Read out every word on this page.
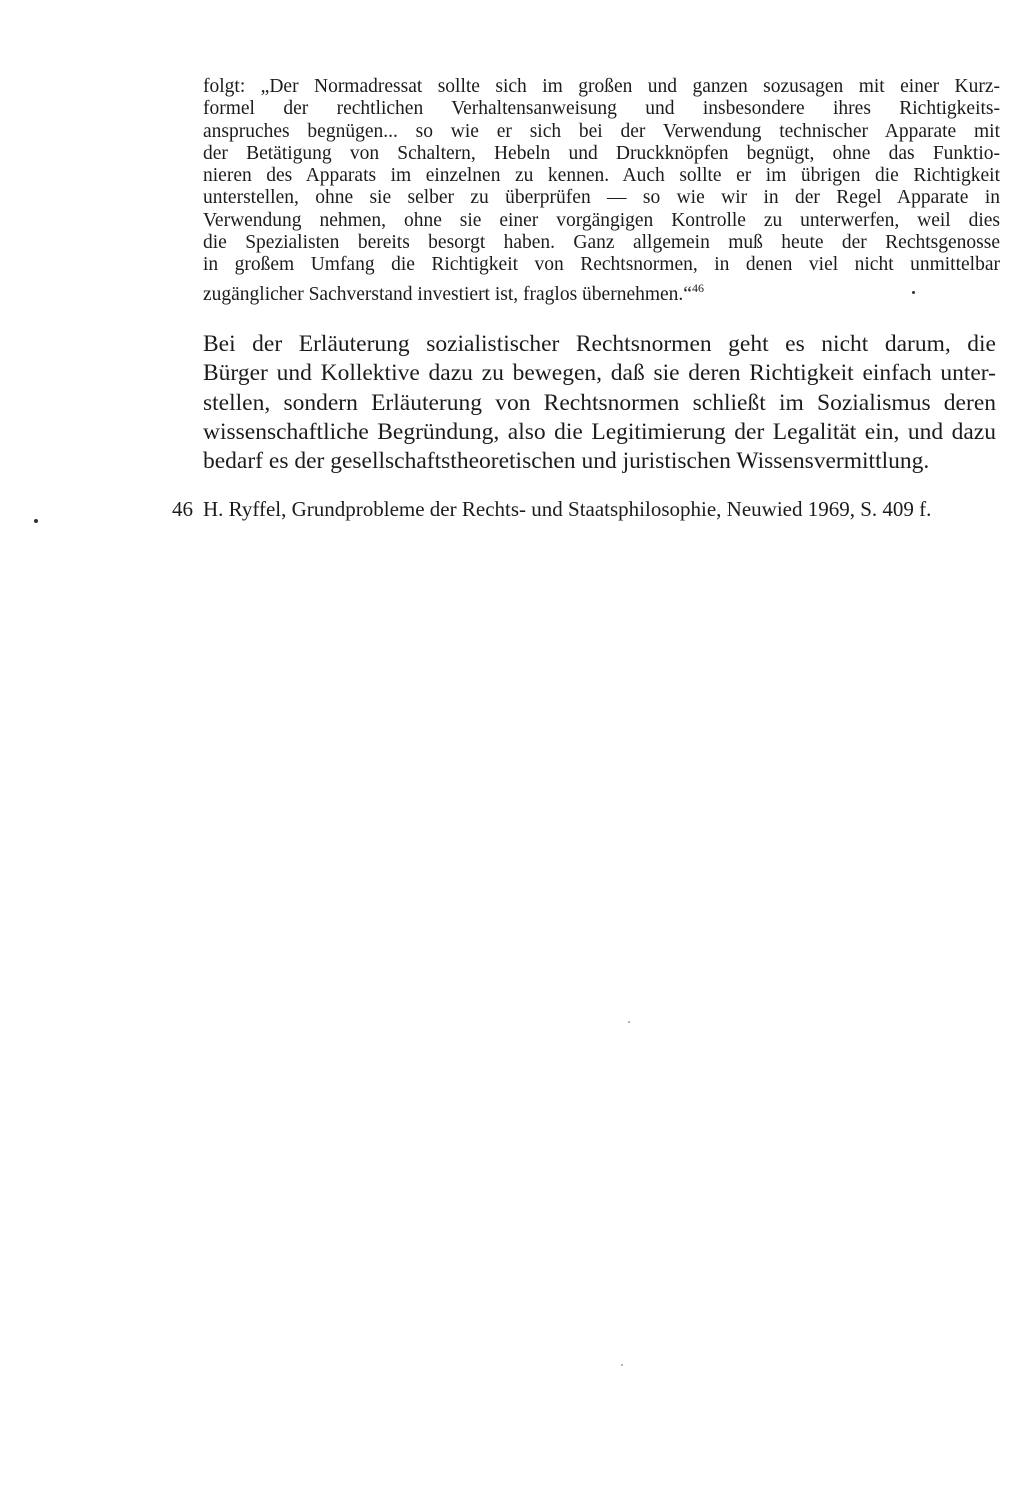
folgt: „Der Normadressat sollte sich im großen und ganzen sozusagen mit einer Kurz-
formel der rechtlichen Verhaltensanweisung und insbesondere ihres Richtigkeits-
anspruches begnügen... so wie er sich bei der Verwendung technischer Apparate mit
der Betätigung von Schaltern, Hebeln und Druckknöpfen begnügt, ohne das Funktio-
nieren des Apparats im einzelnen zu kennen. Auch sollte er im übrigen die Richtigkeit
unterstellen, ohne sie selber zu überprüfen — so wie wir in der Regel Apparate in
Verwendung nehmen, ohne sie einer vorgängigen Kontrolle zu unterwerfen, weil dies
die Spezialisten bereits besorgt haben. Ganz allgemein muß heute der Rechtsgenosse
in großem Umfang die Richtigkeit von Rechtsnormen, in denen viel nicht unmittelbar
zugänglicher Sachverstand investiert ist, fraglos übernehmen.“$^{46}$
Bei der Erläuterung sozialistischer Rechtsnormen geht es nicht darum, die
Bürger und Kollektive dazu zu bewegen, daß sie deren Richtigkeit einfach unter-
stellen, sondern Erläuterung von Rechtsnormen schließt im Sozialismus deren
wissenschaftliche Begründung, also die Legitimierung der Legalität ein, und dazu
bedarf es der gesellschaftstheoretischen und juristischen Wissensvermittlung.
46 H. Ryffel, Grundprobleme der Rechts- und Staatsphilosophie, Neuwied 1969, S. 409 f.
